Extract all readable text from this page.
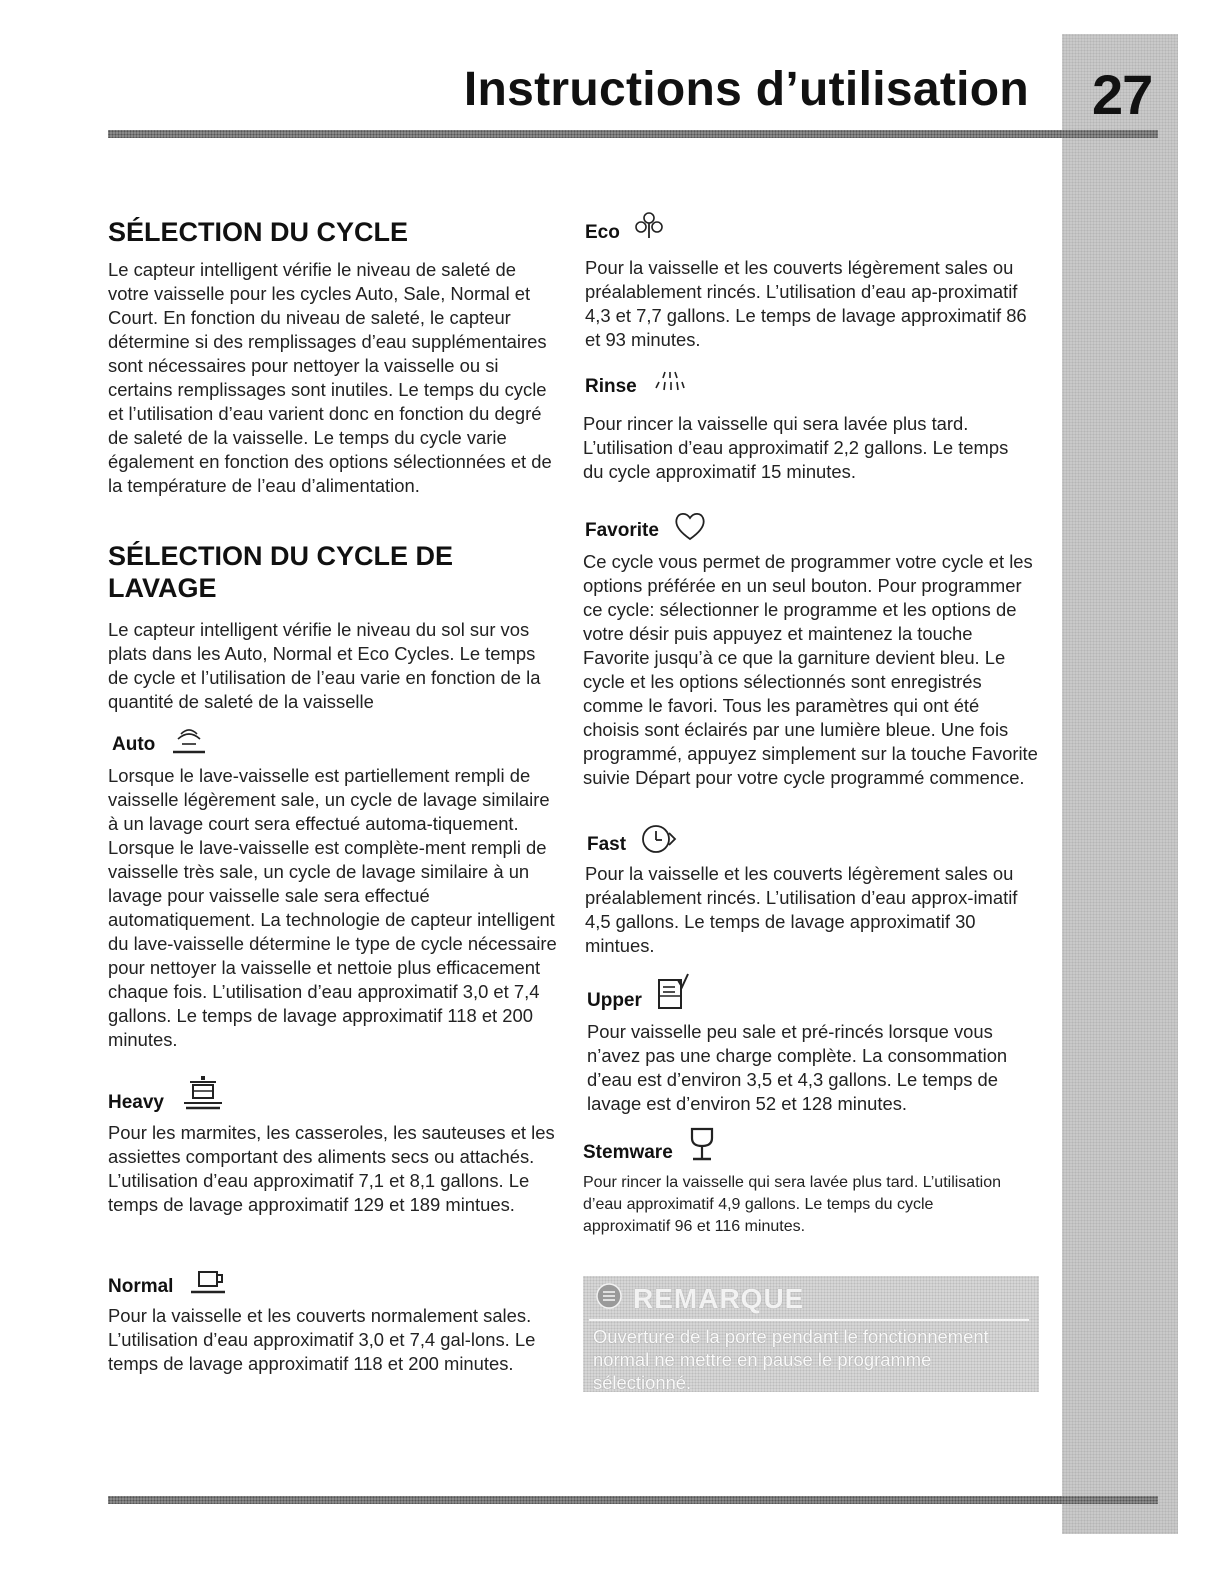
Instructions d’utilisation 27
SÉLECTION DU CYCLE

Le capteur intelligent vérifie le niveau de saleté de votre vaisselle pour les cycles Auto, Sale, Normal et Court. En fonction du niveau de saleté, le capteur détermine si des remplissages d’eau supplémentaires sont nécessaires pour nettoyer la vaisselle ou si certains remplissages sont inutiles. Le temps du cycle et l’utilisation d’eau varient donc en fonction du degré de saleté de la vaisselle. Le temps du cycle varie également en fonction des options sélectionnées et de la température de l’eau d’alimentation.

SÉLECTION DU CYCLE DE LAVAGE

Le capteur intelligent vérifie le niveau du sol sur vos plats dans les Auto, Normal et Eco Cycles. Le temps de cycle et l’utilisation de l’eau varie en fonction de la quantité de saleté de la vaisselle

Auto

Lorsque le lave-vaisselle est partiellement rempli de vaisselle légèrement sale, un cycle de lavage similaire à un lavage court sera effectué automa-tiquement. Lorsque le lave-vaisselle est complète-ment rempli de vaisselle très sale, un cycle de lavage similaire à un lavage pour vaisselle sale sera effectué automatiquement. La technologie de capteur intelligent du lave-vaisselle détermine le type de cycle nécessaire pour nettoyer la vaisselle et nettoie plus efficacement chaque fois. L’utilisation d’eau approximatif 3,0 et 7,4 gallons. Le temps de lavage approximatif 118 et 200 minutes.

Heavy

Pour les marmites, les casseroles, les sauteuses et les assiettes comportant des aliments secs ou attachés. L’utilisation d’eau approximatif 7,1 et 8,1 gallons. Le temps de lavage approximatif 129 et 189 mintues.

Normal

Pour la vaisselle et les couverts normalement sales. L’utilisation d’eau approximatif 3,0 et 7,4 gal-lons. Le temps de lavage approximatif 118 et 200 minutes.

Eco

Pour la vaisselle et les couverts légèrement sales ou préalablement rincés. L’utilisation d’eau ap-proximatif 4,3 et 7,7 gallons. Le temps de lavage approximatif 86 et 93 minutes.

Rinse

Pour rincer la vaisselle qui sera lavée plus tard. L’utilisation d’eau approximatif 2,2 gallons. Le temps du cycle approximatif 15 minutes.

Favorite

Ce cycle vous permet de programmer votre cycle et les options préférée en un seul bouton. Pour programmer ce cycle: sélectionner le programme et les options de votre désir puis appuyez et maintenez la touche Favorite jusqu’à ce que la garniture devient bleu. Le cycle et les options sélectionnés sont enregistrés comme le favori. Tous les paramètres qui ont été choisis sont éclairés par une lumière bleue. Une fois programmé, appuyez simplement sur la touche Favorite suivie Départ pour votre cycle programmé commence.

Fast

Pour la vaisselle et les couverts légèrement sales ou préalablement rincés. L’utilisation d’eau approx-imatif 4,5 gallons. Le temps de lavage approximatif 30 mintues.

Upper

Pour vaisselle peu sale et pré-rincés lorsque vous n’avez pas une charge complète. La consommation d’eau est d’environ 3,5 et 4,3 gallons. Le temps de lavage est d’environ 52 et 128 minutes.

Stemware

Pour rincer la vaisselle qui sera lavée plus tard. L’utilisation d’eau approximatif 4,9 gallons. Le temps du cycle approximatif 96 et 116 minutes.

REMARQUE
Ouverture de la porte pendant le fonctionnement normal ne mettre en pause le programme sélectionné.
